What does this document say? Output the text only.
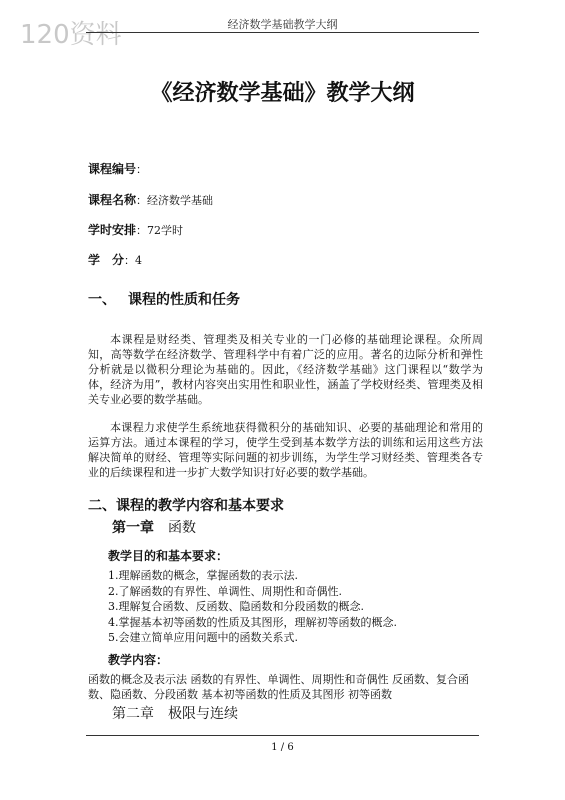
120资料	经济数学基础教学大纲
《经济数学基础》教学大纲
课程编号：
课程名称：经济数学基础
学时安排：72学时
学　分：4
一、 课程的性质和任务
本课程是财经类、管理类及相关专业的一门必修的基础理论课程。众所周知，高等数学在经济数学、管理科学中有着广泛的应用。著名的边际分析和弹性分析就是以微积分理论为基础的。因此，《经济数学基础》这门课程以“数学为体，经济为用”，教材内容突出实用性和职业性，涵盖了学校财经类、管理类及相关专业必要的数学基础。
本课程力求使学生系统地获得微积分的基础知识、必要的基础理论和常用的运算方法。通过本课程的学习，使学生受到基本数学方法的训练和运用这些方法解决简单的财经、管理等实际问题的初步训练，为学生学习财经类、管理类各专业的后续课程和进一步扩大数学知识打好必要的数学基础。
二、课程的教学内容和基本要求
第一章 函数
教学目的和基本要求：
1.理解函数的概念，掌握函数的表示法.
2.了解函数的有界性、单调性、周期性和奇偶性.
3.理解复合函数、反函数、隐函数和分段函数的概念.
4.掌握基本初等函数的性质及其图形，理解初等函数的概念.
5.会建立简单应用问题中的函数关系式.
教学内容：
函数的概念及表示法 函数的有界性、单调性、周期性和奇偶性 反函数、复合函数、隐函数、分段函数 基本初等函数的性质及其图形 初等函数
第二章 极限与连续
1 / 6
